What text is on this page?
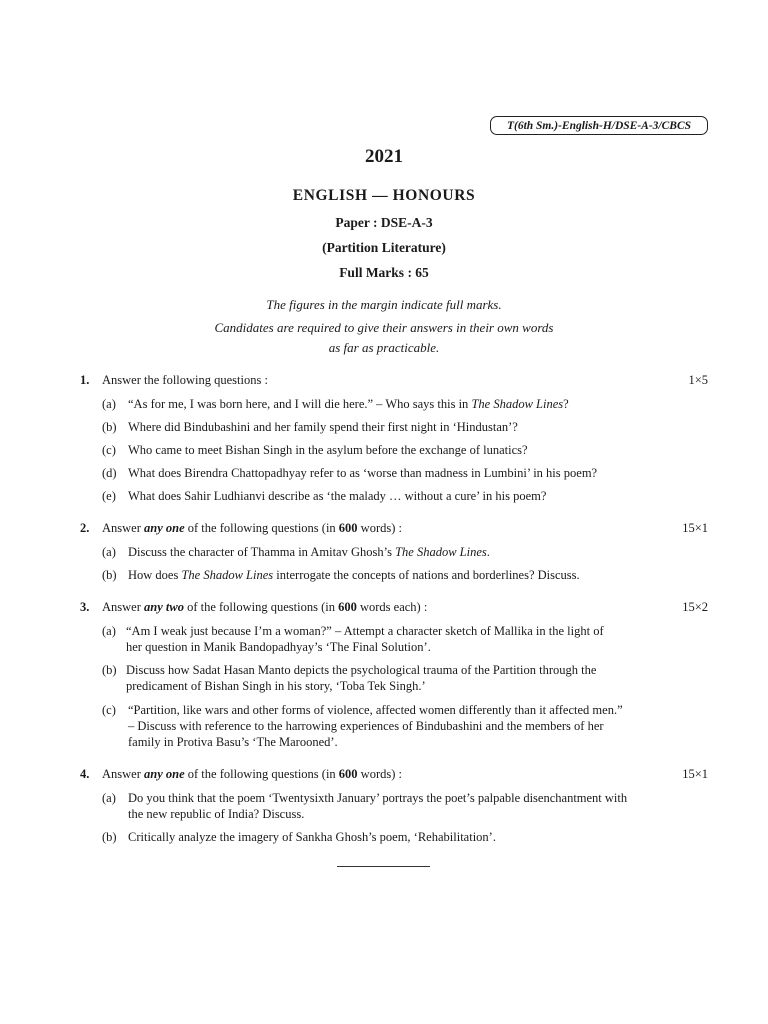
T(6th Sm.)-English-H/DSE-A-3/CBCS
2021
ENGLISH — HONOURS
Paper : DSE-A-3
(Partition Literature)
Full Marks : 65
The figures in the margin indicate full marks.
Candidates are required to give their answers in their own words
as far as practicable.
1.	Answer the following questions :	1×5
(a) “As for me, I was born here, and I will die here.” – Who says this in The Shadow Lines?
(b) Where did Bindubashini and her family spend their first night in ‘Hindustan’?
(c) Who came to meet Bishan Singh in the asylum before the exchange of lunatics?
(d) What does Birendra Chattopadhyay refer to as ‘worse than madness in Lumbini’ in his poem?
(e) What does Sahir Ludhianvi describe as ‘the malady … without a cure’ in his poem?
2.	Answer any one of the following questions (in 600 words) :	15×1
(a) Discuss the character of Thamma in Amitav Ghosh’s The Shadow Lines.
(b) How does The Shadow Lines interrogate the concepts of nations and borderlines? Discuss.
3.	Answer any two of the following questions (in 600 words each) :	15×2
(a) “Am I weak just because I’m a woman?” – Attempt a character sketch of Mallika in the light of
her question in Manik Bandopadhyay’s ‘The Final Solution’.
(b) Discuss how Sadat Hasan Manto depicts the psychological trauma of the Partition through the
predicament of Bishan Singh in his story, ‘Toba Tek Singh.’
(c) “Partition, like wars and other forms of violence, affected women differently than it affected men.”
– Discuss with reference to the harrowing experiences of Bindubashini and the members of her
family in Protiva Basu’s ‘The Marooned’.
4.	Answer any one of the following questions (in 600 words) :	15×1
(a) Do you think that the poem ‘Twentysixth January’ portrays the poet’s palpable disenchantment with
the new republic of India? Discuss.
(b) Critically analyze the imagery of Sankha Ghosh’s poem, ‘Rehabilitation’.
